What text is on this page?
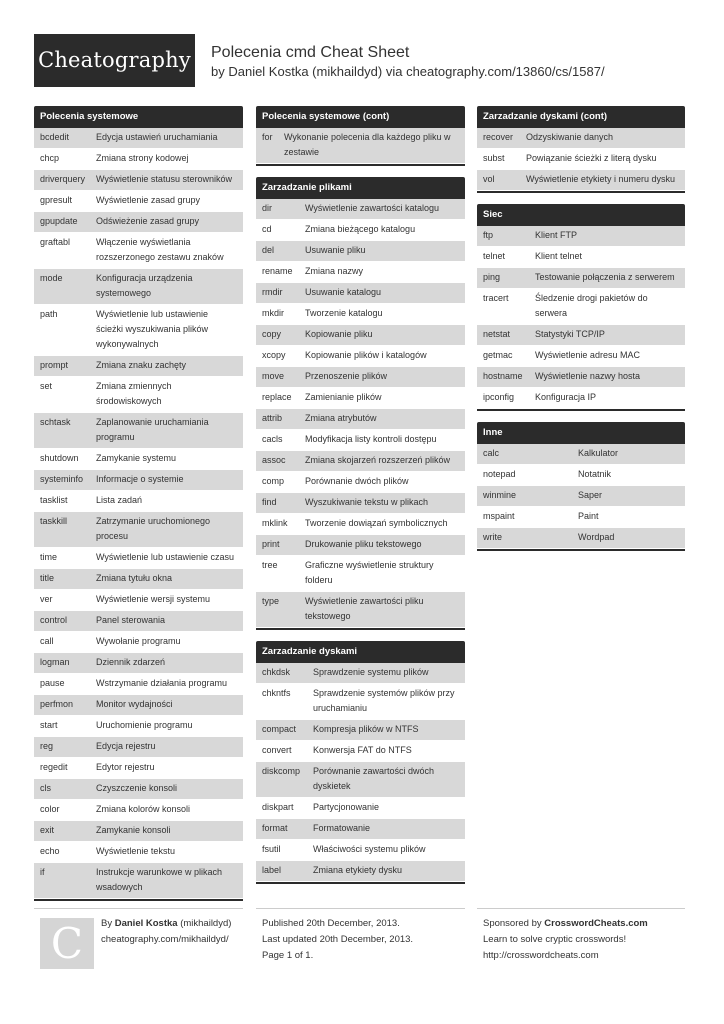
Cheatography Polecenia cmd Cheat Sheet
by Daniel Kostka (mikhaildyd) via cheatography.com/13860/cs/1587/
Polecenia systemowe
bcdedit	Edycja ustawień uruchamiania
chcp	Zmiana strony kodowej
driverquery	Wyświetlenie statusu sterowników
gpresult	Wyświetlenie zasad grupy
gpupdate	Odświeżenie zasad grupy
graftabl	Włączenie wyświetlania rozszerzonego zestawu znaków
mode	Konfiguracja urządzenia systemowego
path	Wyświetlenie lub ustawienie ścieżki wyszukiwania plików wykonywalnych
prompt	Zmiana znaku zachęty
set	Zmiana zmiennych środowiskowych
schtask	Zaplanowanie uruchamiania programu
shutdown	Zamykanie systemu
systeminfo	Informacje o systemie
tasklist	Lista zadań
taskkill	Zatrzymanie uruchomionego procesu
time	Wyświetlenie lub ustawienie czasu
title	Zmiana tytułu okna
ver	Wyświetlenie wersji systemu
control	Panel sterowania
call	Wywołanie programu
logman	Dziennik zdarzeń
pause	Wstrzymanie działania programu
perfmon	Monitor wydajności
start	Uruchomienie programu
reg	Edycja rejestru
regedit	Edytor rejestru
cls	Czyszczenie konsoli
color	Zmiana kolorów konsoli
exit	Zamykanie konsoli
echo	Wyświetlenie tekstu
if	Instrukcje warunkowe w plikach wsadowych
Polecenia systemowe (cont)
for	Wykonanie polecenia dla każdego pliku w zestawie
Zarzadzanie plikami
dir	Wyświetlenie zawartości katalogu
cd	Zmiana bieżącego katalogu
del	Usuwanie pliku
rename	Zmiana nazwy
rmdir	Usuwanie katalogu
mkdir	Tworzenie katalogu
copy	Kopiowanie pliku
xcopy	Kopiowanie plików i katalogów
move	Przenoszenie plików
replace	Zamienianie plików
attrib	Zmiana atrybutów
cacls	Modyfikacja listy kontroli dostępu
assoc	Zmiana skojarzeń rozszerzeń plików
comp	Porównanie dwóch plików
find	Wyszukiwanie tekstu w plikach
mklink	Tworzenie dowiązań symbolicznych
print	Drukowanie pliku tekstowego
tree	Graficzne wyświetlenie struktury folderu
type	Wyświetlenie zawartości pliku tekstowego
Zarzadzanie dyskami
chkdsk	Sprawdzenie systemu plików
chkntfs	Sprawdzenie systemów plików przy uruchamianiu
compact	Kompresja plików w NTFS
convert	Konwersja FAT do NTFS
diskcomp	Porównanie zawartości dwóch dyskietek
diskpart	Partycjonowanie
format	Formatowanie
fsutil	Właściwości systemu plików
label	Zmiana etykiety dysku
Zarzadzanie dyskami (cont)
recover	Odzyskiwanie danych
subst	Powiązanie ścieżki z literą dysku
vol	Wyświetlenie etykiety i numeru dysku
Siec
ftp	Klient FTP
telnet	Klient telnet
ping	Testowanie połączenia z serwerem
tracert	Śledzenie drogi pakietów do serwera
netstat	Statystyki TCP/IP
getmac	Wyświetlenie adresu MAC
hostname	Wyświetlenie nazwy hosta
ipconfig	Konfiguracja IP
Inne
calc	Kalkulator
notepad	Notatnik
winmine	Saper
mspaint	Paint
write	Wordpad
C	By Daniel Kostka (mikhaildyd)
cheatography.com/mikhaildyd/
Published 20th December, 2013.
Last updated 20th December, 2013.
Page 1 of 1.
Sponsored by CrosswordCheats.com
Learn to solve cryptic crosswords!
http://crosswordcheats.com
